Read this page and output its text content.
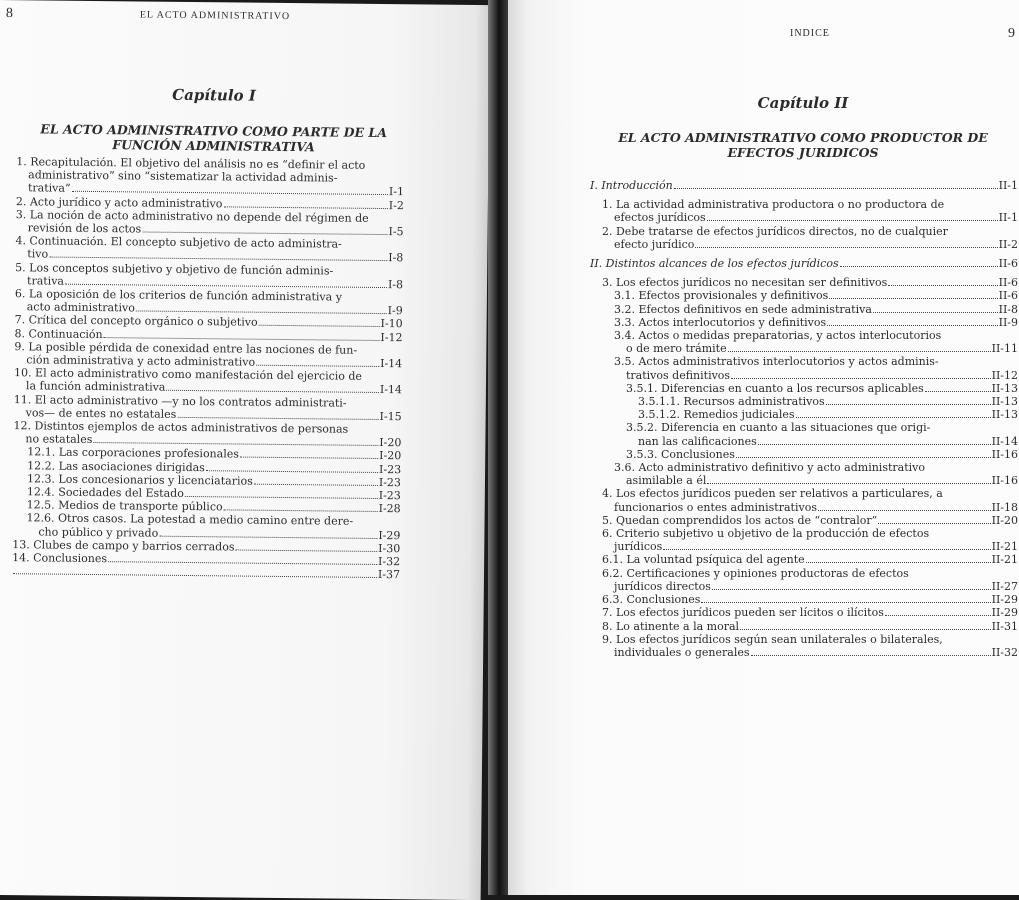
8	EL ACTO ADMINISTRATIVO
Capítulo I
EL ACTO ADMINISTRATIVO COMO PARTE DE LA
FUNCIÓN ADMINISTRATIVA
1. Recapitulación. El objetivo del análisis no es “definir el acto
administrativo” sino “sistematizar la actividad adminis-
trativa”	I-1
2. Acto jurídico y acto administrativo	I-2
3. La noción de acto administrativo no depende del régimen de
revisión de los actos	I-5
4. Continuación. El concepto subjetivo de acto administra-
tivo	I-8
5. Los conceptos subjetivo y objetivo de función adminis-
trativa	I-8
6. La oposición de los criterios de función administrativa y
acto administrativo	I-9
7. Crítica del concepto orgánico o subjetivo	I-10
8. Continuación	I-12
9. La posible pérdida de conexidad entre las nociones de fun-
ción administrativa y acto administrativo	I-14
10. El acto administrativo como manifestación del ejercicio de
la función administrativa	I-14
11. El acto administrativo —y no los contratos administrati-
vos— de entes no estatales	I-15
12. Distintos ejemplos de actos administrativos de personas
no estatales	I-20
12.1. Las corporaciones profesionales	I-20
12.2. Las asociaciones dirigidas	I-23
12.3. Los concesionarios y licenciatarios	I-23
12.4. Sociedades del Estado	I-23
12.5. Medios de transporte público	I-28
12.6. Otros casos. La potestad a medio camino entre dere-
cho público y privado	I-29
13. Clubes de campo y barrios cerrados	I-30
14. Conclusiones	I-32
I-37
INDICE	9
Capítulo II
EL ACTO ADMINISTRATIVO COMO PRODUCTOR DE
EFECTOS JURIDICOS
I. Introducción	II-1
1. La actividad administrativa productora o no productora de
efectos jurídicos	II-1
2. Debe tratarse de efectos jurídicos directos, no de cualquier
efecto jurídico	II-2
II. Distintos alcances de los efectos jurídicos	II-6
3. Los efectos jurídicos no necesitan ser definitivos	II-6
3.1. Efectos provisionales y definitivos	II-6
3.2. Efectos definitivos en sede administrativa	II-8
3.3. Actos interlocutorios y definitivos	II-9
3.4. Actos o medidas preparatorias, y actos interlocutorios
o de mero trámite	II-11
3.5. Actos administrativos interlocutorios y actos adminis-
trativos definitivos	II-12
3.5.1. Diferencias en cuanto a los recursos aplicables	II-13
3.5.1.1. Recursos administrativos	II-13
3.5.1.2. Remedios judiciales	II-13
3.5.2. Diferencia en cuanto a las situaciones que origi-
nan las calificaciones	II-14
3.5.3. Conclusiones	II-16
3.6. Acto administrativo definitivo y acto administrativo
asimilable a él	II-16
4. Los efectos jurídicos pueden ser relativos a particulares, a
funcionarios o entes administrativos	II-18
5. Quedan comprendidos los actos de “contralor”	II-20
6. Criterio subjetivo u objetivo de la producción de efectos
jurídicos	II-21
6.1. La voluntad psíquica del agente	II-21
6.2. Certificaciones y opiniones productoras de efectos
jurídicos directos	II-27
6.3. Conclusiones	II-29
7. Los efectos jurídicos pueden ser lícitos o ilícitos	II-29
8. Lo atinente a la moral	II-31
9. Los efectos jurídicos según sean unilaterales o bilaterales,
individuales o generales	II-32
